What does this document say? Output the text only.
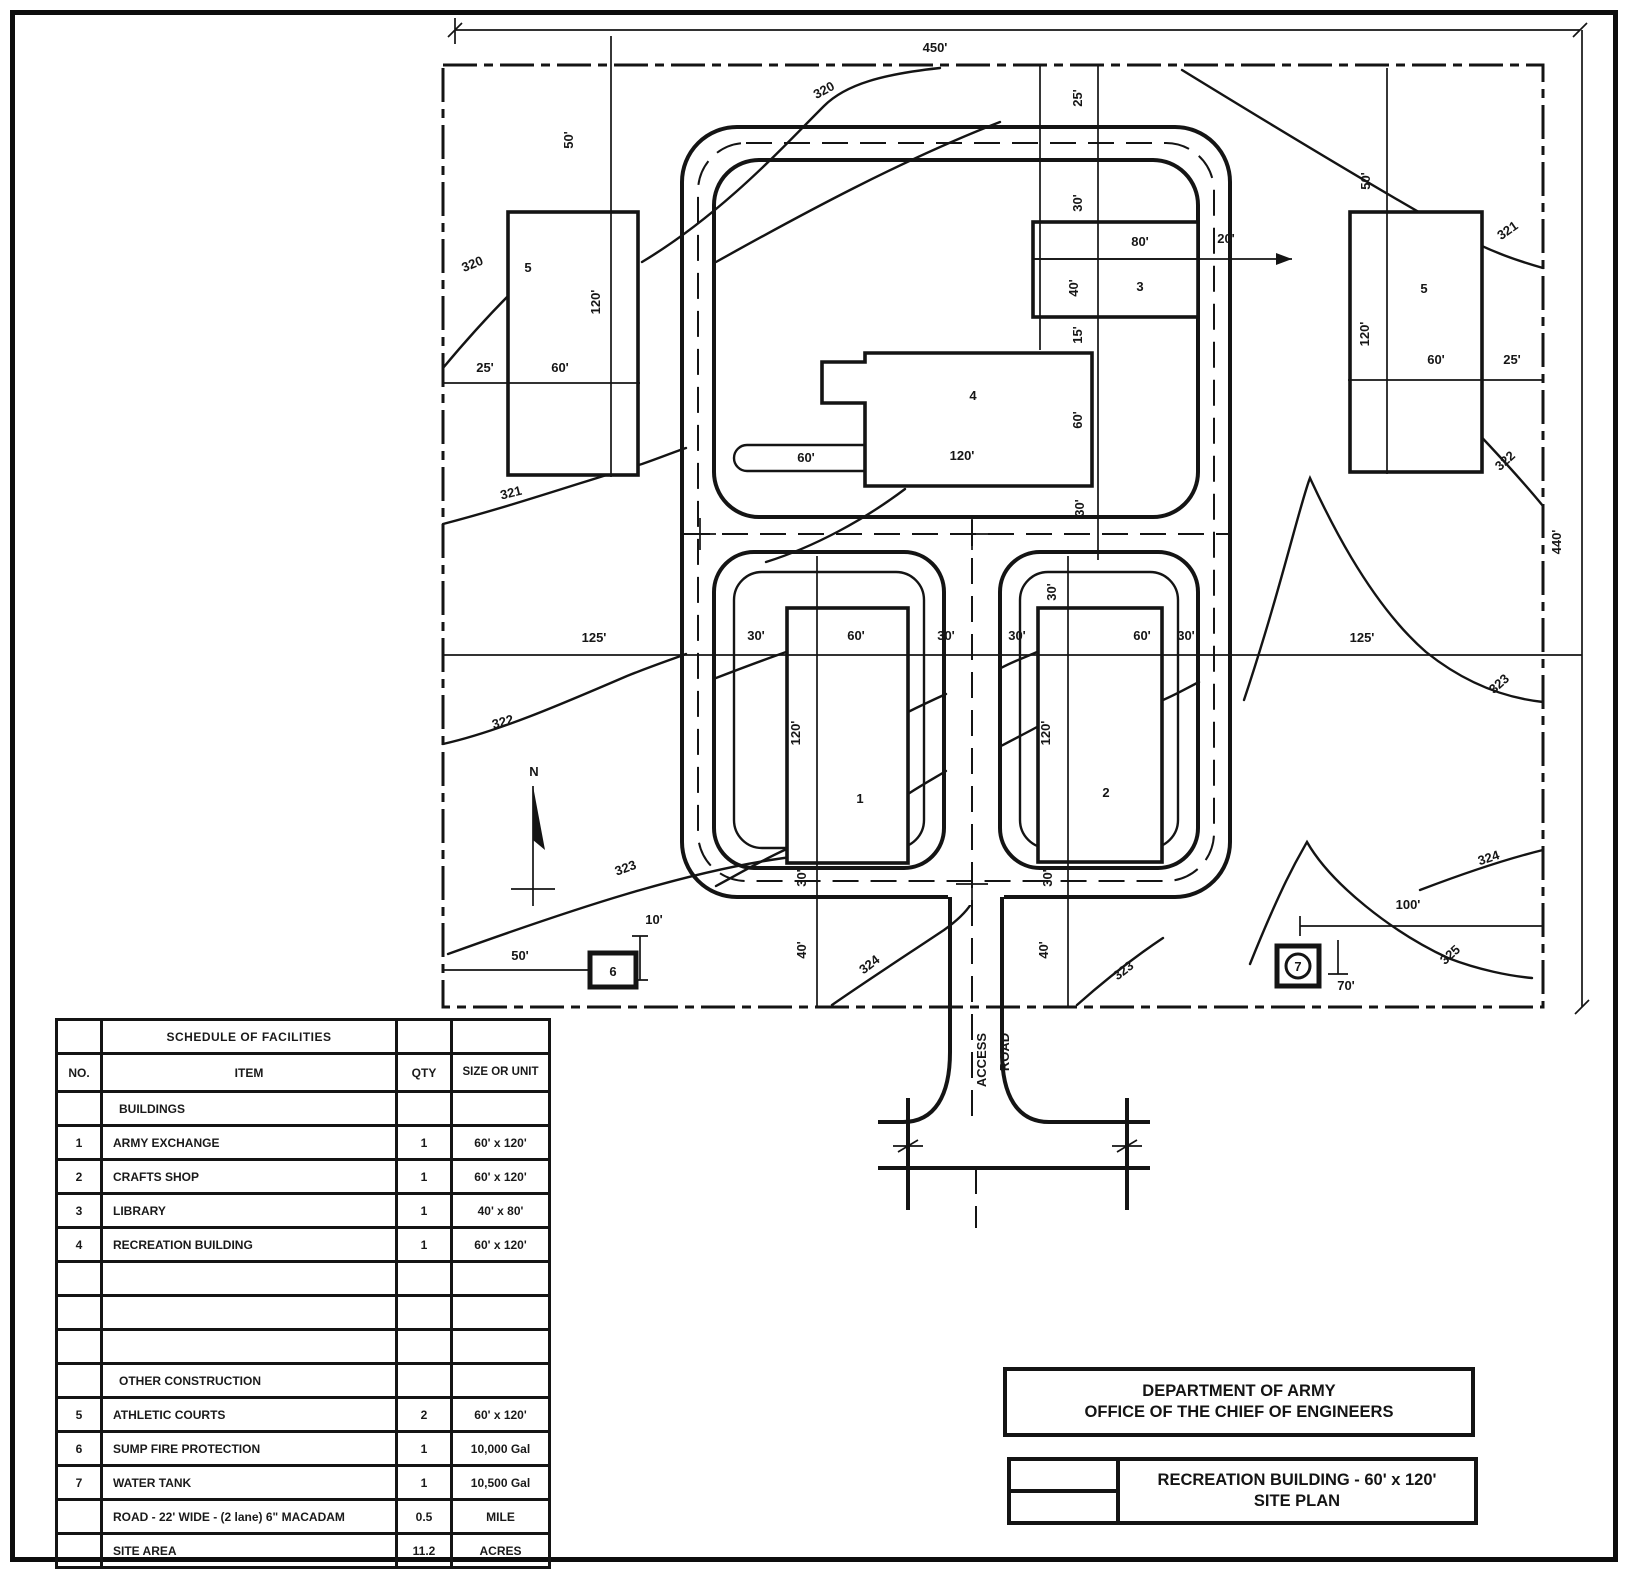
450'
440'
50'
320
320	5
120'
25'	60'
321
322
N
323
50'
10'
6	7
40'
30'
324	323
40'
30'
1
120'
2
120'
30'
125'	30'	60'	30'	30'	60' 30'	125'
321
322
323
324
325
100'
70'
4
120'
60'
60'
15'
30'
25'
30'
40'	3
80'	20'
50'
5
120'
60'	25'
ACCESS ROAD
	SCHEDULE OF FACILITIES		
NO.	ITEM	QTY	SIZE OR UNIT
	BUILDINGS		
1	ARMY EXCHANGE	1	60' x 120'
2	CRAFTS SHOP	1	60' x 120'
3	LIBRARY	1	40' x 80'
4	RECREATION BUILDING	1	60' x 120'

	OTHER CONSTRUCTION		
5	ATHLETIC COURTS	2	60' x 120'
6	SUMP FIRE PROTECTION	1	10,000 Gal
7	WATER TANK	1	10,500 Gal
	ROAD - 22' WIDE - (2 lane) 6" MACADAM	0.5	MILE
	SITE AREA	11.2	ACRES
DEPARTMENT OF ARMY
OFFICE OF THE CHIEF OF ENGINEERS
RECREATION BUILDING - 60' x 120'
SITE PLAN
